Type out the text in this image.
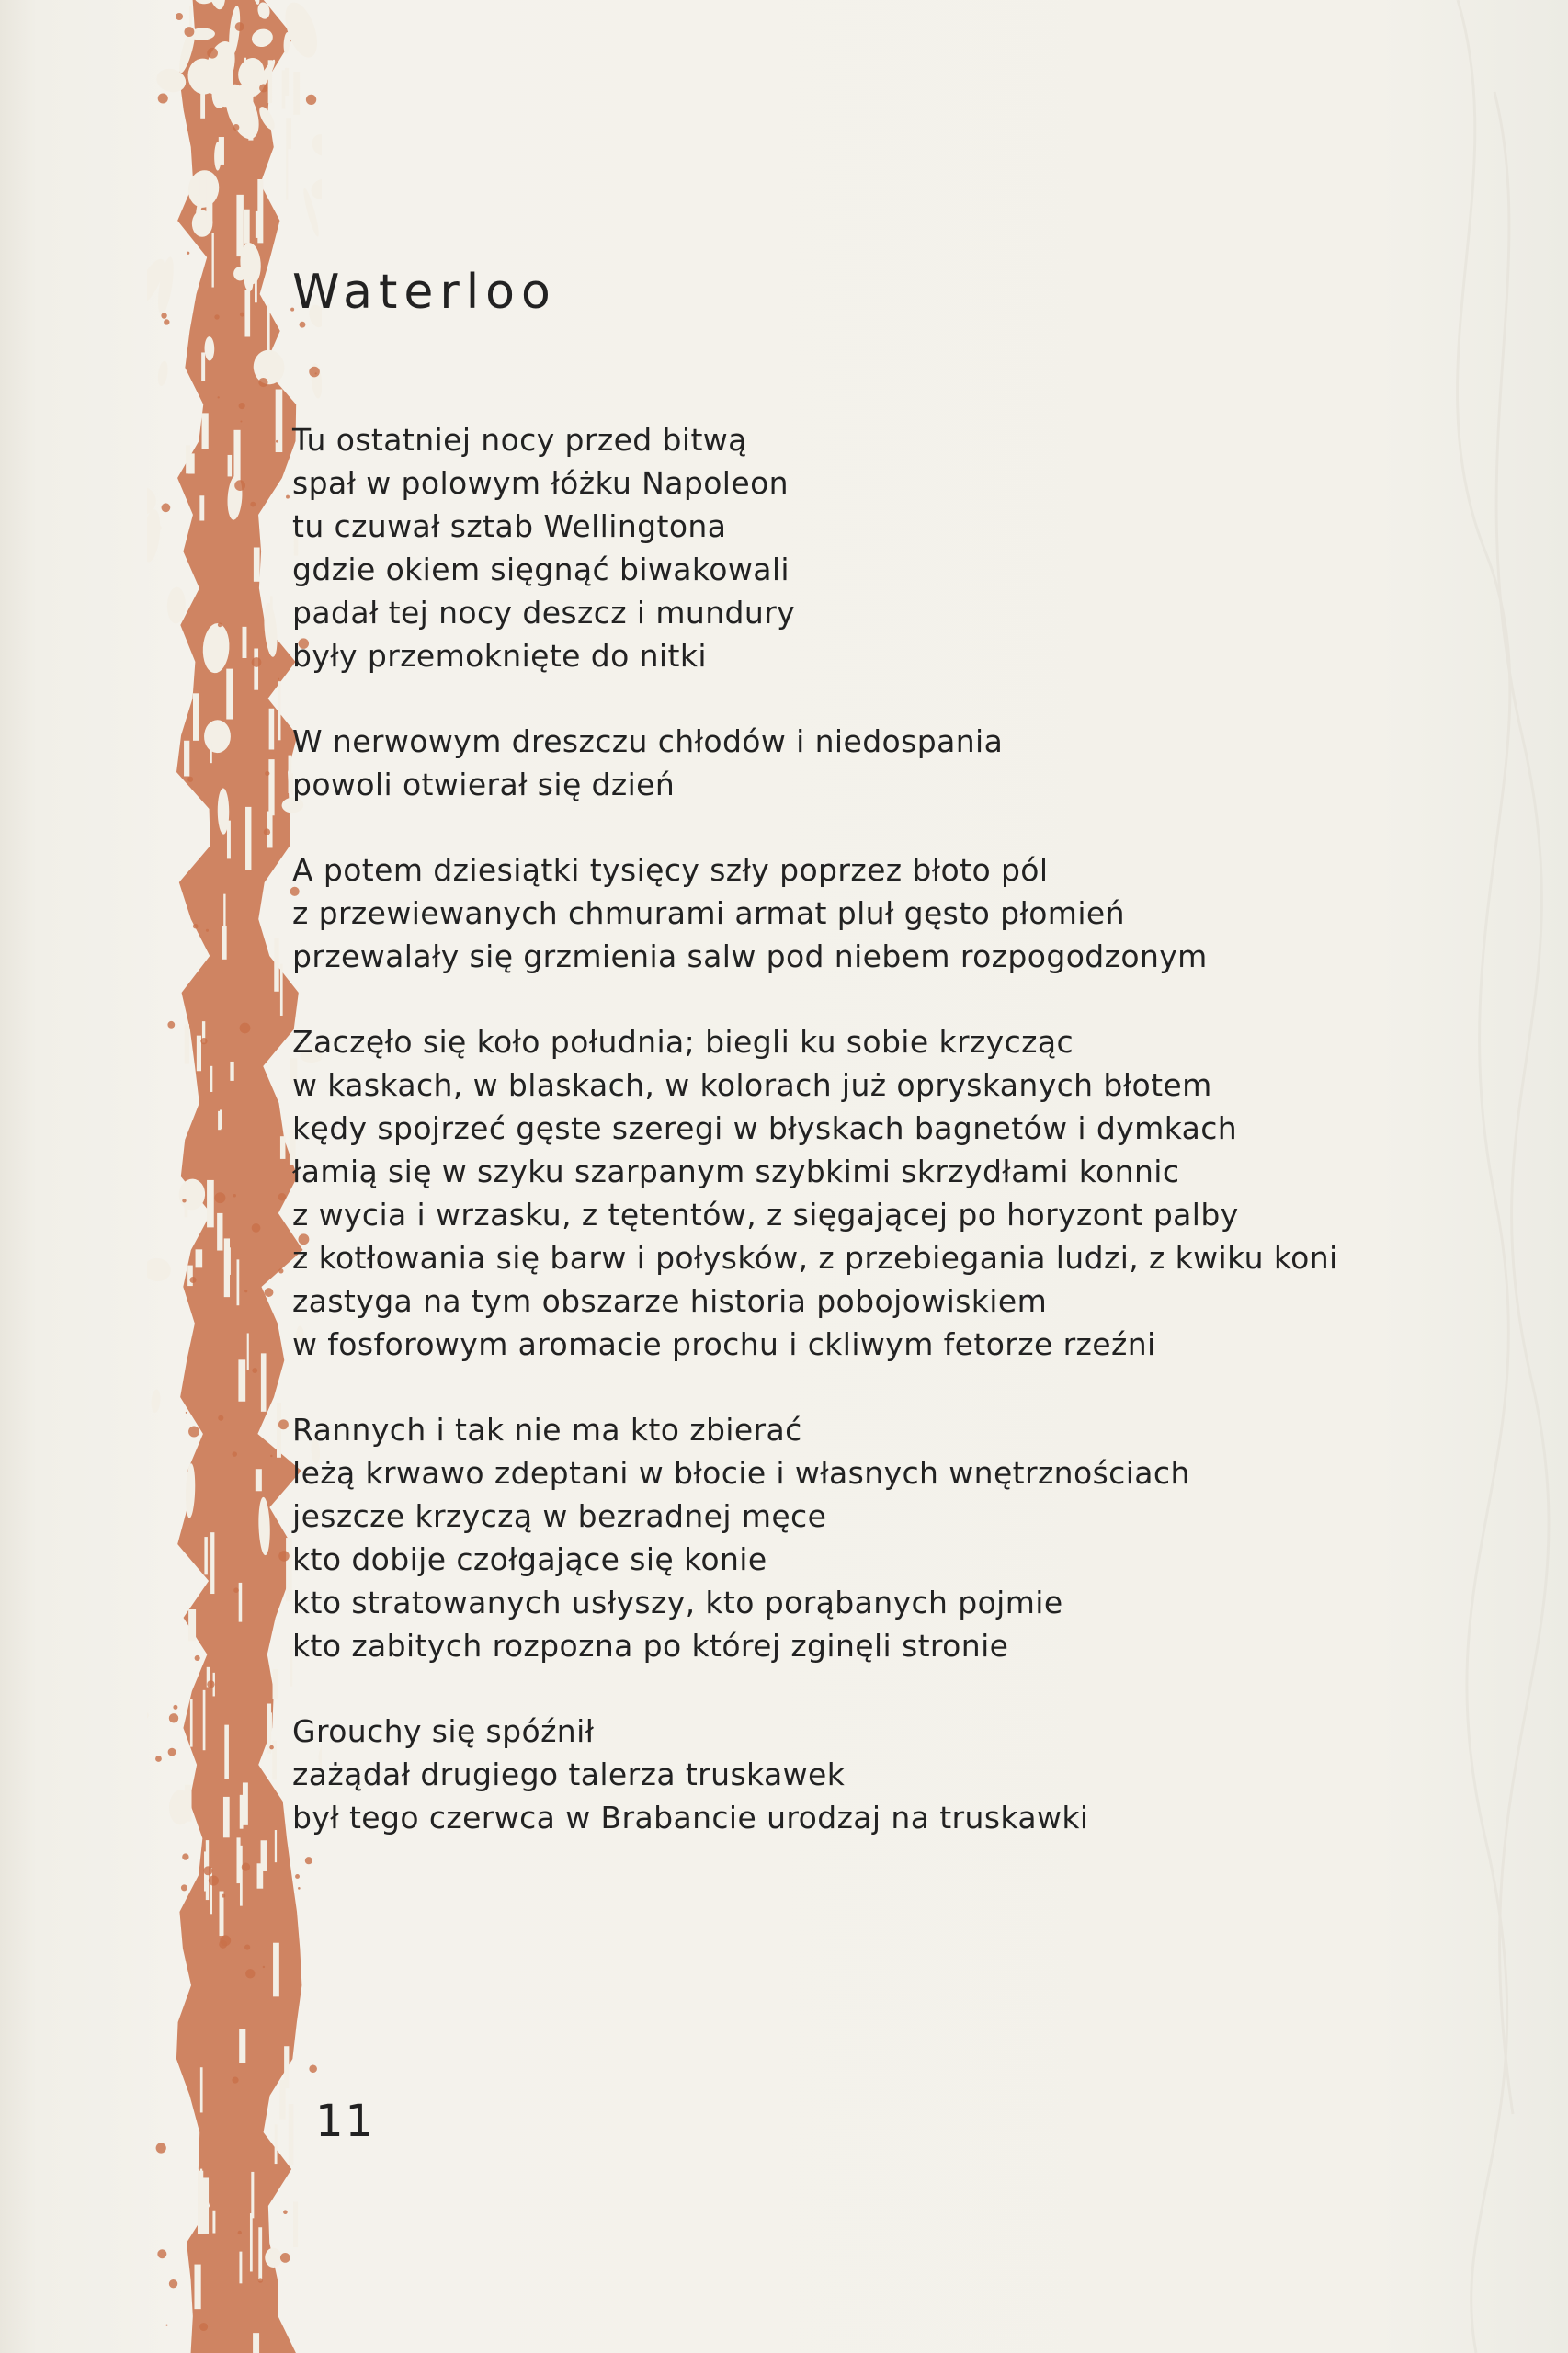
Waterloo
Tu ostatniej nocy przed bitwą
spał w polowym łóżku Napoleon
tu czuwał sztab Wellingtona
gdzie okiem sięgnąć biwakowali
padał tej nocy deszcz i mundury
były przemoknięte do nitki
W nerwowym dreszczu chłodów i niedospania
powoli otwierał się dzień
A potem dziesiątki tysięcy szły poprzez błoto pól
z przewiewanych chmurami armat pluł gęsto płomień
przewalały się grzmienia salw pod niebem rozpogodzonym
Zaczęło się koło południa; biegli ku sobie krzycząc
w kaskach, w blaskach, w kolorach już opryskanych błotem
kędy spojrzeć gęste szeregi w błyskach bagnetów i dymkach
łamią się w szyku szarpanym szybkimi skrzydłami konnic
z wycia i wrzasku, z tętentów, z sięgającej po horyzont palby
z kotłowania się barw i połysków, z przebiegania ludzi, z kwiku koni
zastyga na tym obszarze historia pobojowiskiem
w fosforowym aromacie prochu i ckliwym fetorze rzeźni
Rannych i tak nie ma kto zbierać
leżą krwawo zdeptani w błocie i własnych wnętrznościach
jeszcze krzyczą w bezradnej męce
kto dobije czołgające się konie
kto stratowanych usłyszy, kto porąbanych pojmie
kto zabitych rozpozna po której zginęli stronie
Grouchy się spóźnił
zażądał drugiego talerza truskawek
był tego czerwca w Brabancie urodzaj na truskawki
11
